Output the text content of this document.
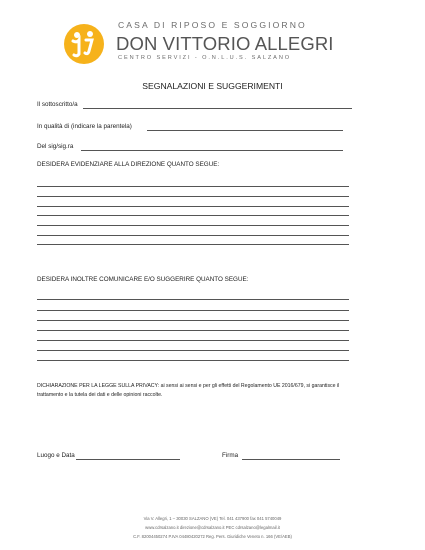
CASA DI RIPOSO E SOGGIORNO
DON VITTORIO ALLEGRI
CENTRO SERVIZI - O.N.L.U.S. SALZANO
SEGNALAZIONI E SUGGERIMENTI
Il sottoscritto/a
In qualità di (indicare la parentela)
Del sig/sig.ra
DESIDERA EVIDENZIARE ALLA DIREZIONE QUANTO SEGUE:
DESIDERA INOLTRE COMUNICARE E/O SUGGERIRE QUANTO SEGUE:
DICHIARAZIONE PER LA LEGGE SULLA PRIVACY: ai sensi ai sensi e per gli effetti del Regolamento UE 2016/679, si garantisce il trattamento e la tutela dei dati e delle opinioni raccolte.
Luogo e Data	Firma
Via V. Allegri, 1 – 30030 SALZANO (VE) Tel. 041 437900 fax 041 5740049
www.cdrsalzano.it direzione@cdrsalzano.it PEC cdrsalzano@legalmail.it
C.F. 82004450274 P.IVA 04480420272 Reg. Pers. Giuridiche Veneto n. 166 (VE/AEB)
